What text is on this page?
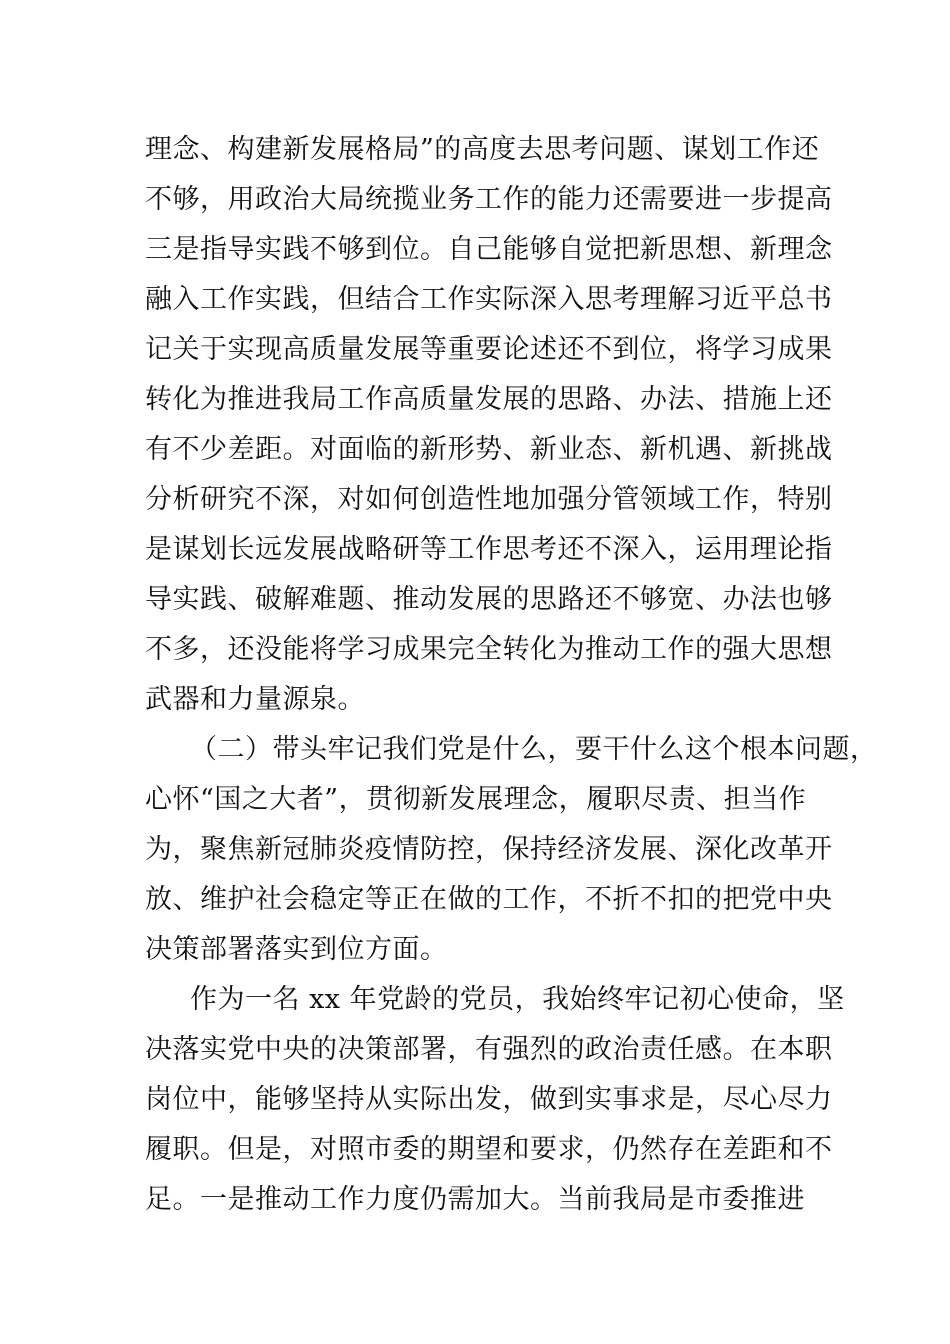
理念、构建新发展格局”的高度去思考问题、谋划工作还
不够，用政治大局统揽业务工作的能力还需要进一步提高
三是指导实践不够到位。自己能够自觉把新思想、新理念
融入工作实践，但结合工作实际深入思考理解习近平总书
记关于实现高质量发展等重要论述还不到位，将学习成果
转化为推进我局工作高质量发展的思路、办法、措施上还
有不少差距。对面临的新形势、新业态、新机遇、新挑战
分析研究不深，对如何创造性地加强分管领域工作，特别
是谋划长远发展战略研等工作思考还不深入，运用理论指
导实践、破解难题、推动发展的思路还不够宽、办法也够
不多，还没能将学习成果完全转化为推动工作的强大思想
武器和力量源泉。
（二）带头牢记我们党是什么，要干什么这个根本问题，
心怀“国之大者”，贯彻新发展理念，履职尽责、担当作
为，聚焦新冠肺炎疫情防控，保持经济发展、深化改革开
放、维护社会稳定等正在做的工作，不折不扣的把党中央
决策部署落实到位方面。
作为一名 xx 年党龄的党员，我始终牢记初心使命，坚
决落实党中央的决策部署，有强烈的政治责任感。在本职
岗位中，能够坚持从实际出发，做到实事求是，尽心尽力
履职。但是，对照市委的期望和要求，仍然存在差距和不
足。一是推动工作力度仍需加大。当前我局是市委推进
